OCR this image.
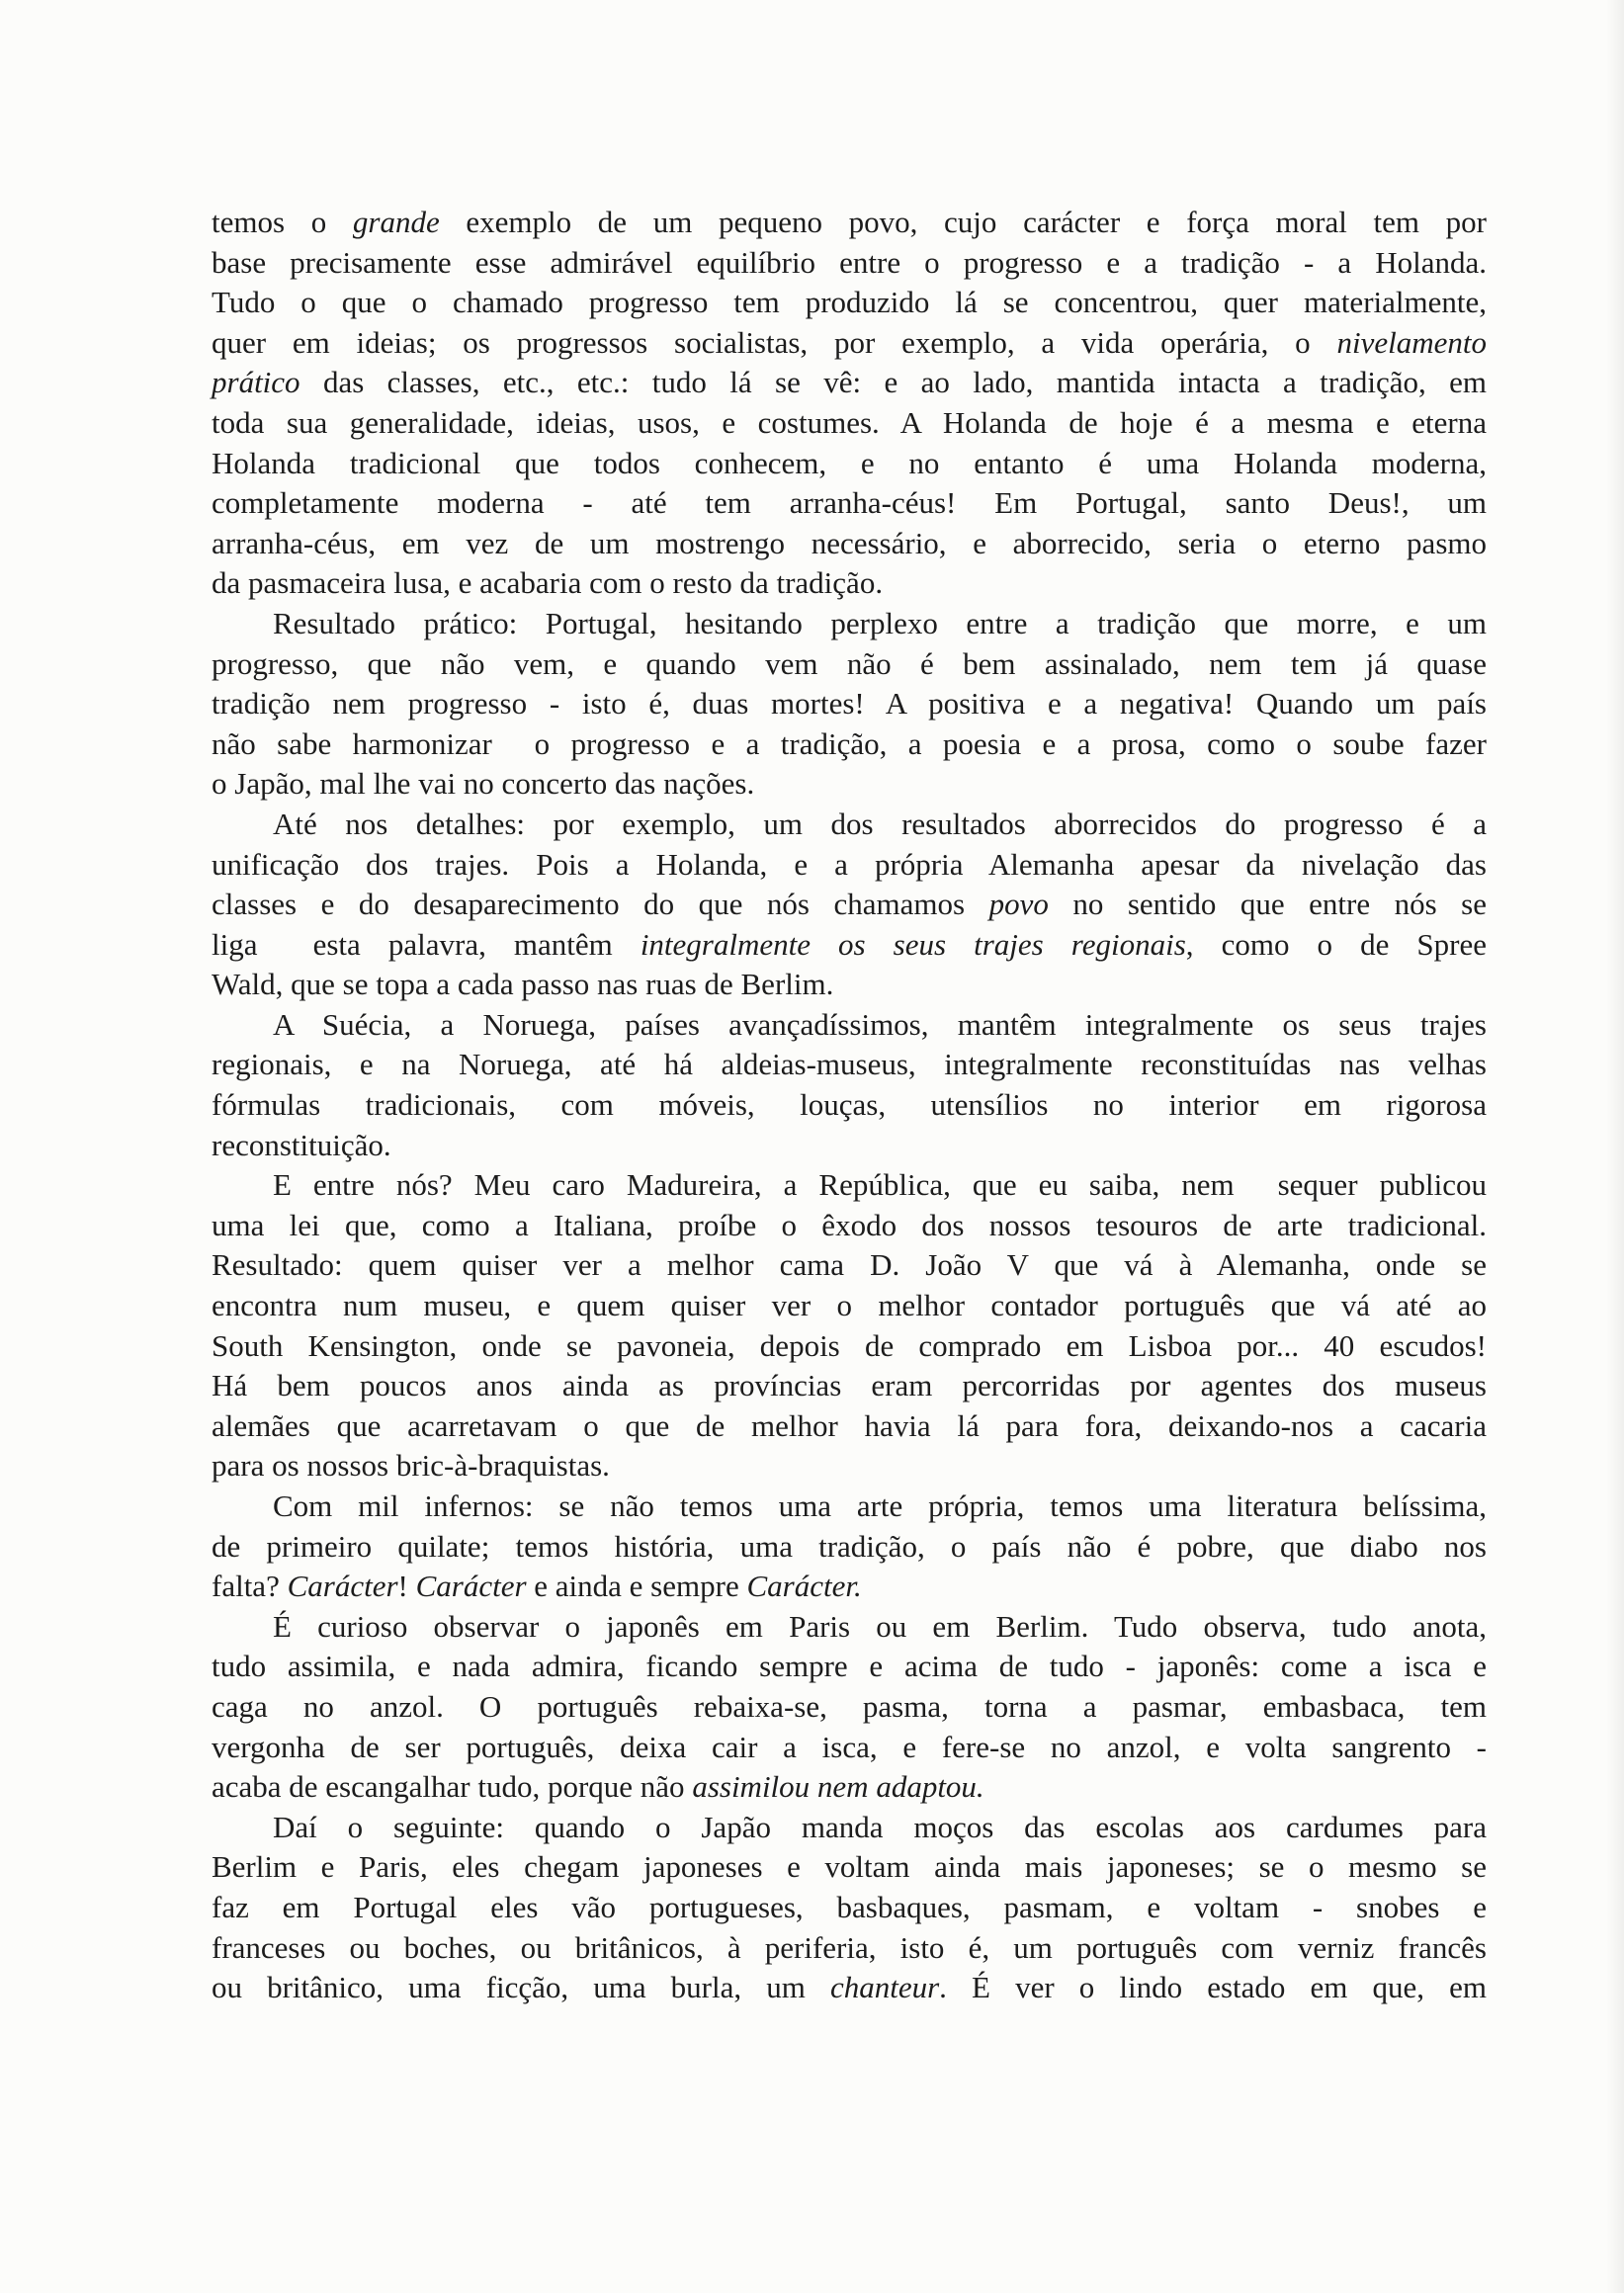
temos o grande exemplo de um pequeno povo, cujo carácter e força moral tem por
base precisamente esse admirável equilíbrio entre o progresso e a tradição - a Holanda.
Tudo o que o chamado progresso tem produzido lá se concentrou, quer materialmente,
quer em ideias; os progressos socialistas, por exemplo, a vida operária, o nivelamento
prático das classes, etc., etc.: tudo lá se vê: e ao lado, mantida intacta a tradição, em
toda sua generalidade, ideias, usos, e costumes. A Holanda de hoje é a mesma e eterna
Holanda tradicional que todos conhecem, e no entanto é uma Holanda moderna,
completamente moderna - até tem arranha-céus! Em Portugal, santo Deus!, um
arranha-céus, em vez de um mostrengo necessário, e aborrecido, seria o eterno pasmo
da pasmaceira lusa, e acabaria com o resto da tradição.
  Resultado prático: Portugal, hesitando perplexo entre a tradição que morre, e um
progresso, que não vem, e quando vem não é bem assinalado, nem tem já quase
tradição nem progresso - isto é, duas mortes! A positiva e a negativa! Quando um país
não sabe harmonizar  o progresso e a tradição, a poesia e a prosa, como o soube fazer
o Japão, mal lhe vai no concerto das nações.
  Até nos detalhes: por exemplo, um dos resultados aborrecidos do progresso é a
unificação dos trajes. Pois a Holanda, e a própria Alemanha apesar da nivelação das
classes e do desaparecimento do que nós chamamos povo no sentido que entre nós se
liga  esta palavra, mantêm integralmente os seus trajes regionais, como o de Spree
Wald, que se topa a cada passo nas ruas de Berlim.
  A Suécia, a Noruega, países avançadíssimos, mantêm integralmente os seus trajes
regionais, e na Noruega, até há aldeias-museus, integralmente reconstituídas nas velhas
fórmulas tradicionais, com móveis, louças, utensílios no interior em rigorosa
reconstituição.
  E entre nós? Meu caro Madureira, a República, que eu saiba, nem  sequer publicou
uma lei que, como a Italiana, proíbe o êxodo dos nossos tesouros de arte tradicional.
Resultado: quem quiser ver a melhor cama D. João V que vá à Alemanha, onde se
encontra num museu, e quem quiser ver o melhor contador português que vá até ao
South Kensington, onde se pavoneia, depois de comprado em Lisboa por... 40 escudos!
Há bem poucos anos ainda as províncias eram percorridas por agentes dos museus
alemães que acarretavam o que de melhor havia lá para fora, deixando-nos a cacaria
para os nossos bric-à-braquistas.
  Com mil infernos: se não temos uma arte própria, temos uma literatura belíssima,
de primeiro quilate; temos história, uma tradição, o país não é pobre, que diabo nos
falta? Carácter! Carácter e ainda e sempre Carácter.
  É curioso observar o japonês em Paris ou em Berlim. Tudo observa, tudo anota,
tudo assimila, e nada admira, ficando sempre e acima de tudo - japonês: come a isca e
caga no anzol. O português rebaixa-se, pasma, torna a pasmar, embasbaca, tem
vergonha de ser português, deixa cair a isca, e fere-se no anzol, e volta sangrento -
acaba de escangalhar tudo, porque não assimilou nem adaptou.
  Daí o seguinte: quando o Japão manda moços das escolas aos cardumes para
Berlim e Paris, eles chegam japoneses e voltam ainda mais japoneses; se o mesmo se
faz em Portugal eles vão portugueses, basbaques, pasmam, e voltam - snobes e
franceses ou boches, ou britânicos, à periferia, isto é, um português com verniz francês
ou britânico, uma ficção, uma burla, um chanteur. É ver o lindo estado em que, em
